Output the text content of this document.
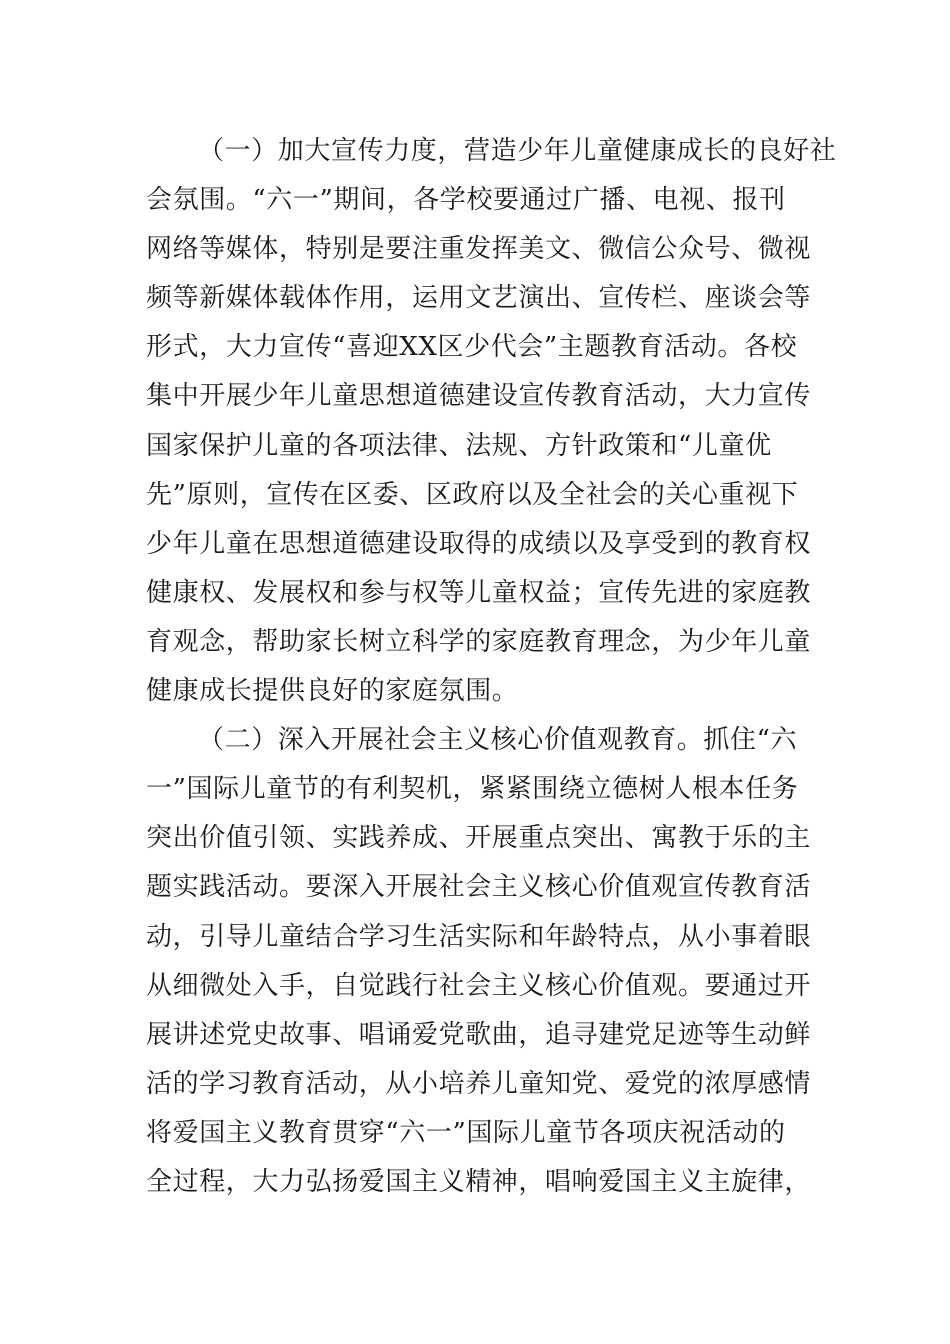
（一）加大宣传力度，营造少年儿童健康成长的良好社
会氛围。“六一”期间，各学校要通过广播、电视、报刊
网络等媒体，特别是要注重发挥美文、微信公众号、微视
频等新媒体载体作用，运用文艺演出、宣传栏、座谈会等
形式，大力宣传“喜迎XX区少代会”主题教育活动。各校
集中开展少年儿童思想道德建设宣传教育活动，大力宣传
国家保护儿童的各项法律、法规、方针政策和“儿童优
先”原则，宣传在区委、区政府以及全社会的关心重视下
少年儿童在思想道德建设取得的成绩以及享受到的教育权
健康权、发展权和参与权等儿童权益；宣传先进的家庭教
育观念，帮助家长树立科学的家庭教育理念，为少年儿童
健康成长提供良好的家庭氛围。
（二）深入开展社会主义核心价值观教育。抓住“六
一”国际儿童节的有利契机，紧紧围绕立德树人根本任务
突出价值引领、实践养成、开展重点突出、寓教于乐的主
题实践活动。要深入开展社会主义核心价值观宣传教育活
动，引导儿童结合学习生活实际和年龄特点，从小事着眼
从细微处入手，自觉践行社会主义核心价值观。要通过开
展讲述党史故事、唱诵爱党歌曲，追寻建党足迹等生动鲜
活的学习教育活动，从小培养儿童知党、爱党的浓厚感情
将爱国主义教育贯穿“六一”国际儿童节各项庆祝活动的
全过程，大力弘扬爱国主义精神，唱响爱国主义主旋律，
